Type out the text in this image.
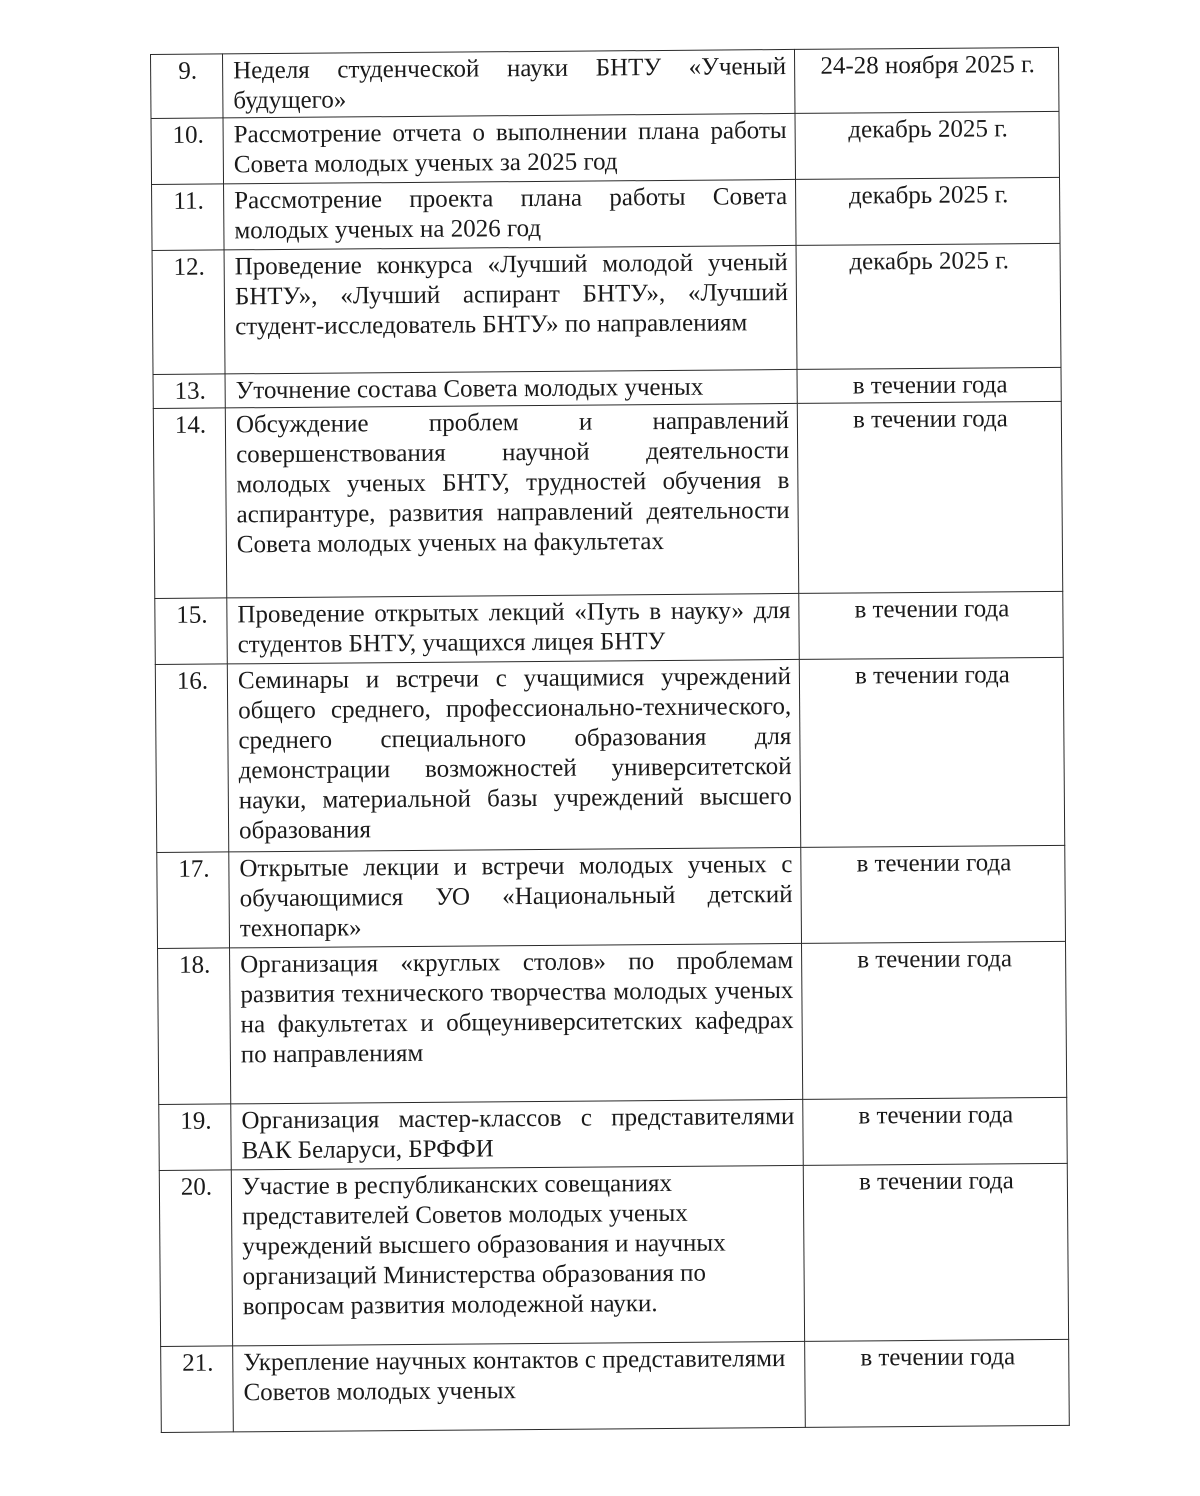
9.	Неделя студенческой науки БНТУ «Ученый будущего»	24-28 ноября 2025 г.
10.	Рассмотрение отчета о выполнении плана работы Совета молодых ученых за 2025 год	декабрь 2025 г.
11.	Рассмотрение проекта плана работы Совета молодых ученых на 2026 год	декабрь 2025 г.
12.	Проведение конкурса «Лучший молодой ученый БНТУ», «Лучший аспирант БНТУ», «Лучший студент-исследователь БНТУ» по направлениям	декабрь 2025 г.
13.	Уточнение состава Совета молодых ученых	в течении года
14.	Обсуждение проблем и направлений совершенствования научной деятельности молодых ученых БНТУ, трудностей обучения в аспирантуре, развития направлений деятельности Совета молодых ученых на факультетах	в течении года
15.	Проведение открытых лекций «Путь в науку» для студентов БНТУ, учащихся лицея БНТУ	в течении года
16.	Семинары и встречи с учащимися учреждений общего среднего, профессионально-технического, среднего специального образования для демонстрации возможностей университетской науки, материальной базы учреждений высшего образования	в течении года
17.	Открытые лекции и встречи молодых ученых с обучающимися УО «Национальный детский технопарк»	в течении года
18.	Организация «круглых столов» по проблемам развития технического творчества молодых ученых на факультетах и общеуниверситетских кафедрах по направлениям	в течении года
19.	Организация мастер-классов с представителями ВАК Беларуси, БРФФИ	в течении года
20.	Участие в республиканских совещаниях представителей Советов молодых ученых учреждений высшего образования и научных организаций Министерства образования по вопросам развития молодежной науки.	в течении года
21.	Укрепление научных контактов с представителями Советов молодых ученых	в течении года
